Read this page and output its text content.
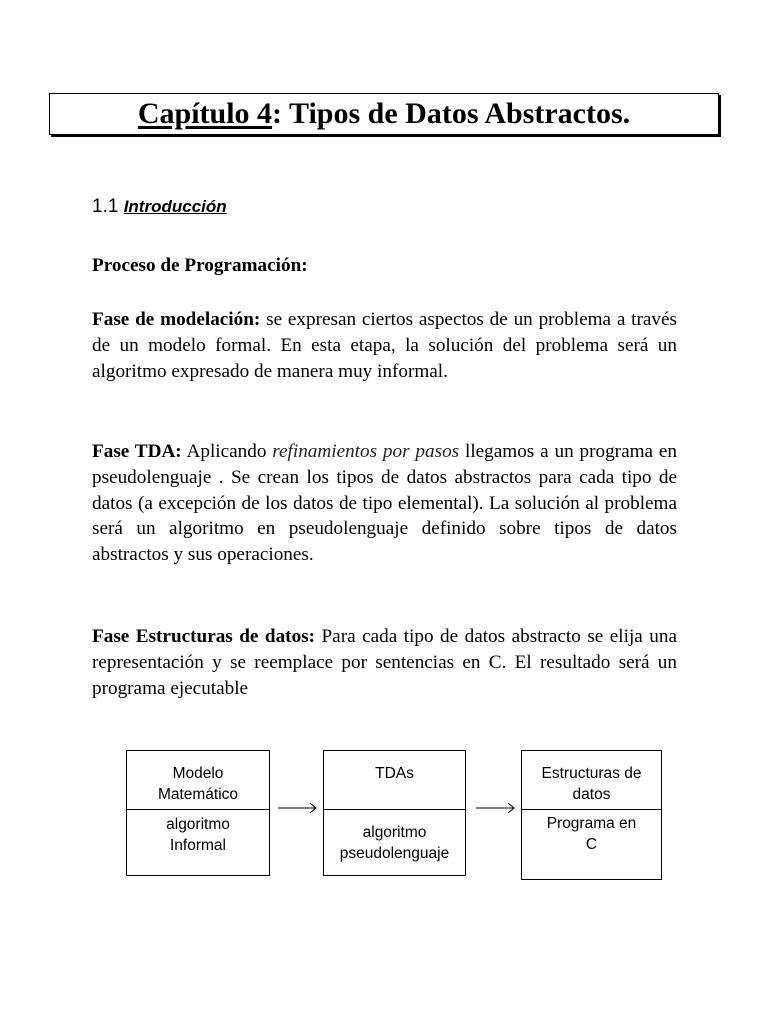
Capítulo 4 : Tipos de Datos Abstractos.
1.1 Introducción

Proceso de Programación:

Fase de modelación: se expresan ciertos aspectos de un problema a través de un modelo formal. En esta etapa, la solución del problema será un algoritmo expresado de manera muy informal.

Fase TDA: Aplicando refinamientos por pasos llegamos a un programa en pseudolenguaje . Se crean los tipos de datos abstractos para cada tipo de datos (a excepción de los datos de tipo elemental). La solución al problema será un algoritmo en pseudolenguaje definido sobre tipos de datos abstractos y sus operaciones.

Fase Estructuras de datos: Para cada tipo de datos abstracto se elija una representación y se reemplace por sentencias en C. El resultado será un programa ejecutable

Modelo
Matemático
algoritmo
Informal
TDAs
algoritmo
pseudolenguaje
Estructuras de
datos
Programa en
C
